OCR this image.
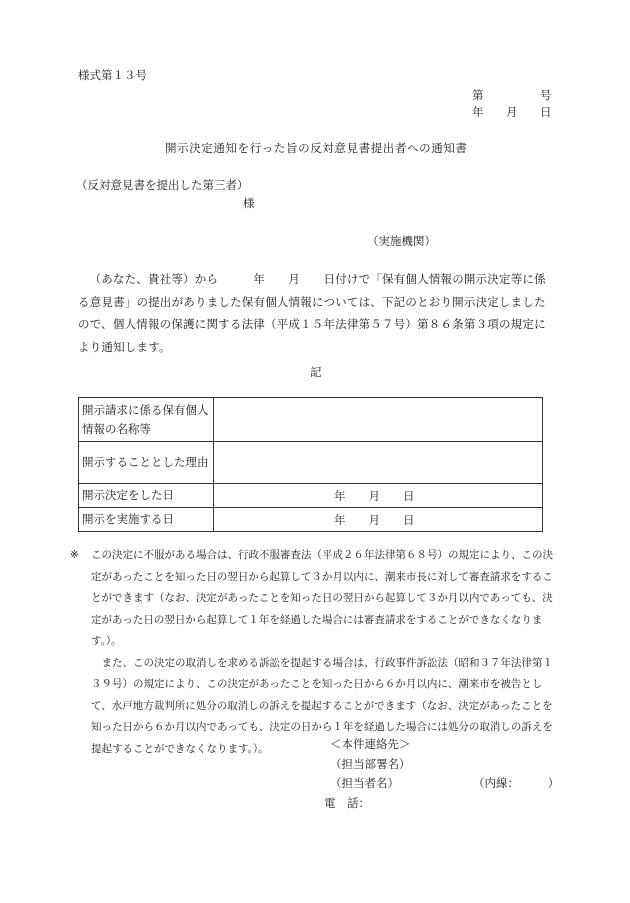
様式第１３号
第	号
年 月 日
開示決定通知を行った旨の反対意見書提出者への通知書
（反対意見書を提出した第三者）
様
（実施機関）
（あなた、貴社等）から　　　年　　月　　日付けで「保有個人情報の開示決定等に係る意見書」の提出がありました保有個人情報については、下記のとおり開示決定しましたので、個人情報の保護に関する法律（平成１５年法律第５７号）第８６条第３項の規定により通知します。
記
開示請求に係る保有個人情報の名称等	
開示することとした理由	
開示決定をした日	年　　月　　日
開示を実施する日	年　　月　　日
※	この決定に不服がある場合は、行政不服審査法（平成２６年法律第６８号）の規定により、この決定があったことを知った日の翌日から起算して３か月以内に、潮来市長に対して審査請求をすることができます（なお、決定があったことを知った日の翌日から起算して３か月以内であっても、決定があった日の翌日から起算して１年を経過した場合には審査請求をすることができなくなります。）。
また、この決定の取消しを求める訴訟を提起する場合は、行政事件訴訟法（昭和３７年法律第１３９号）の規定により、この決定があったことを知った日から６か月以内に、潮来市を被告として、水戸地方裁判所に処分の取消しの訴えを提起することができます（なお、決定があったことを知った日から６か月以内であっても、決定の日から１年を経過した場合には処分の取消しの訴えを提起することができなくなります。）。	＜本件連絡先＞
（担当部署名）
（担当者名）	（内線：　　　）
電　話：
